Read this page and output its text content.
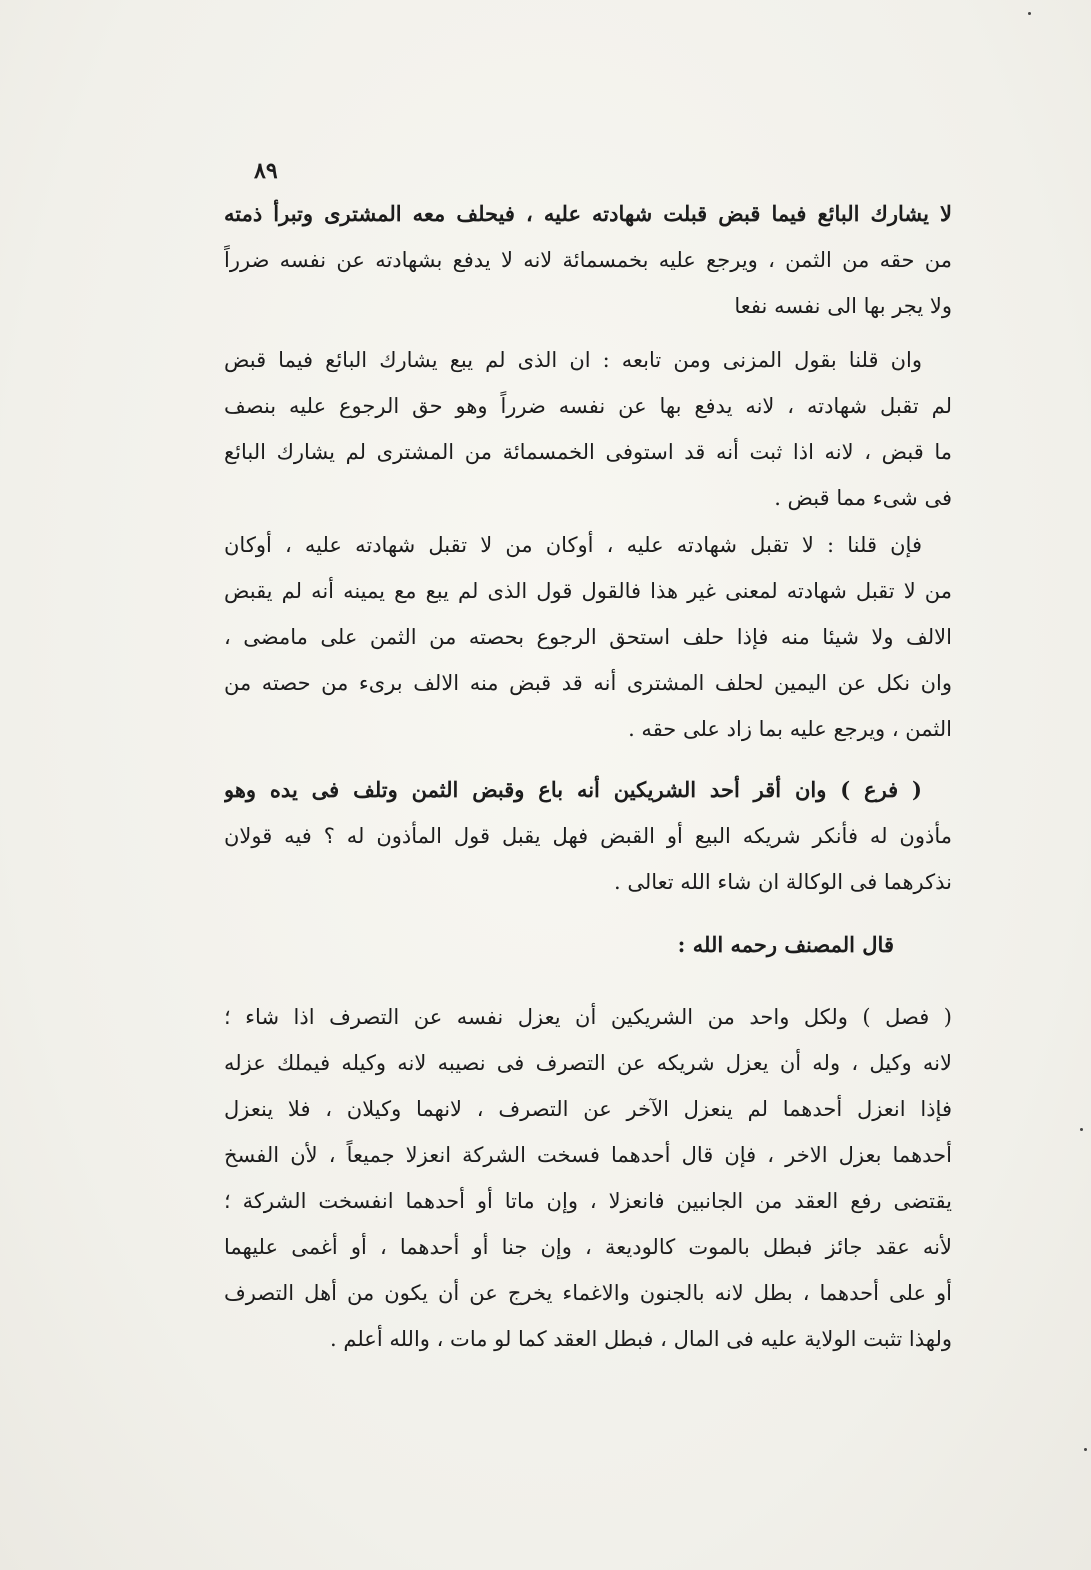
٨٩
لا يشارك البائع فيما قبض قبلت شهادته عليه ، فيحلف معه المشترى وتبرأ ذمته
من حقه من الثمن ، ويرجع عليه بخمسمائة لانه لا يدفع بشهادته عن نفسه ضرراً
ولا يجر بها الى نفسه نفعا
وان قلنا بقول المزنى ومن تابعه : ان الذى لم يبع يشارك البائع فيما قبض
لم تقبل شهادته ، لانه يدفع بها عن نفسه ضرراً وهو حق الرجوع عليه بنصف
ما قبض ، لانه اذا ثبت أنه قد استوفى الخمسمائة من المشترى لم يشارك البائع
فى شىء مما قبض .
فإن قلنا : لا تقبل شهادته عليه ، أوكان من لا تقبل شهادته عليه ، أوكان
من لا تقبل شهادته لمعنى غير هذا فالقول قول الذى لم يبع مع يمينه أنه لم يقبض
الالف ولا شيئا منه فإذا حلف استحق الرجوع بحصته من الثمن على مامضى ،
وان نكل عن اليمين لحلف المشترى أنه قد قبض منه الالف برىء من حصته من
الثمن ، ويرجع عليه بما زاد على حقه .
( فرع ) وان أقر أحد الشريكين أنه باع وقبض الثمن وتلف فى يده وهو
مأذون له فأنكر شريكه البيع أو القبض فهل يقبل قول المأذون له ؟ فيه قولان
نذكرهما فى الوكالة ان شاء الله تعالى .
قال المصنف رحمه الله :
( فصل ) ولكل واحد من الشريكين أن يعزل نفسه عن التصرف اذا شاء ؛
لانه وكيل ، وله أن يعزل شريكه عن التصرف فى نصيبه لانه وكيله فيملك عزله
فإذا انعزل أحدهما لم ينعزل الآخر عن التصرف ، لانهما وكيلان ، فلا ينعزل
أحدهما بعزل الاخر ، فإن قال أحدهما فسخت الشركة انعزلا جميعاً ، لأن الفسخ
يقتضى رفع العقد من الجانبين فانعزلا ، وإن ماتا أو أحدهما انفسخت الشركة ؛
لأنه عقد جائز فبطل بالموت كالوديعة ، وإن جنا أو أحدهما ، أو أغمى عليهما
أو على أحدهما ، بطل لانه بالجنون والاغماء يخرج عن أن يكون من أهل التصرف
ولهذا تثبت الولاية عليه فى المال ، فبطل العقد كما لو مات ، والله أعلم .
